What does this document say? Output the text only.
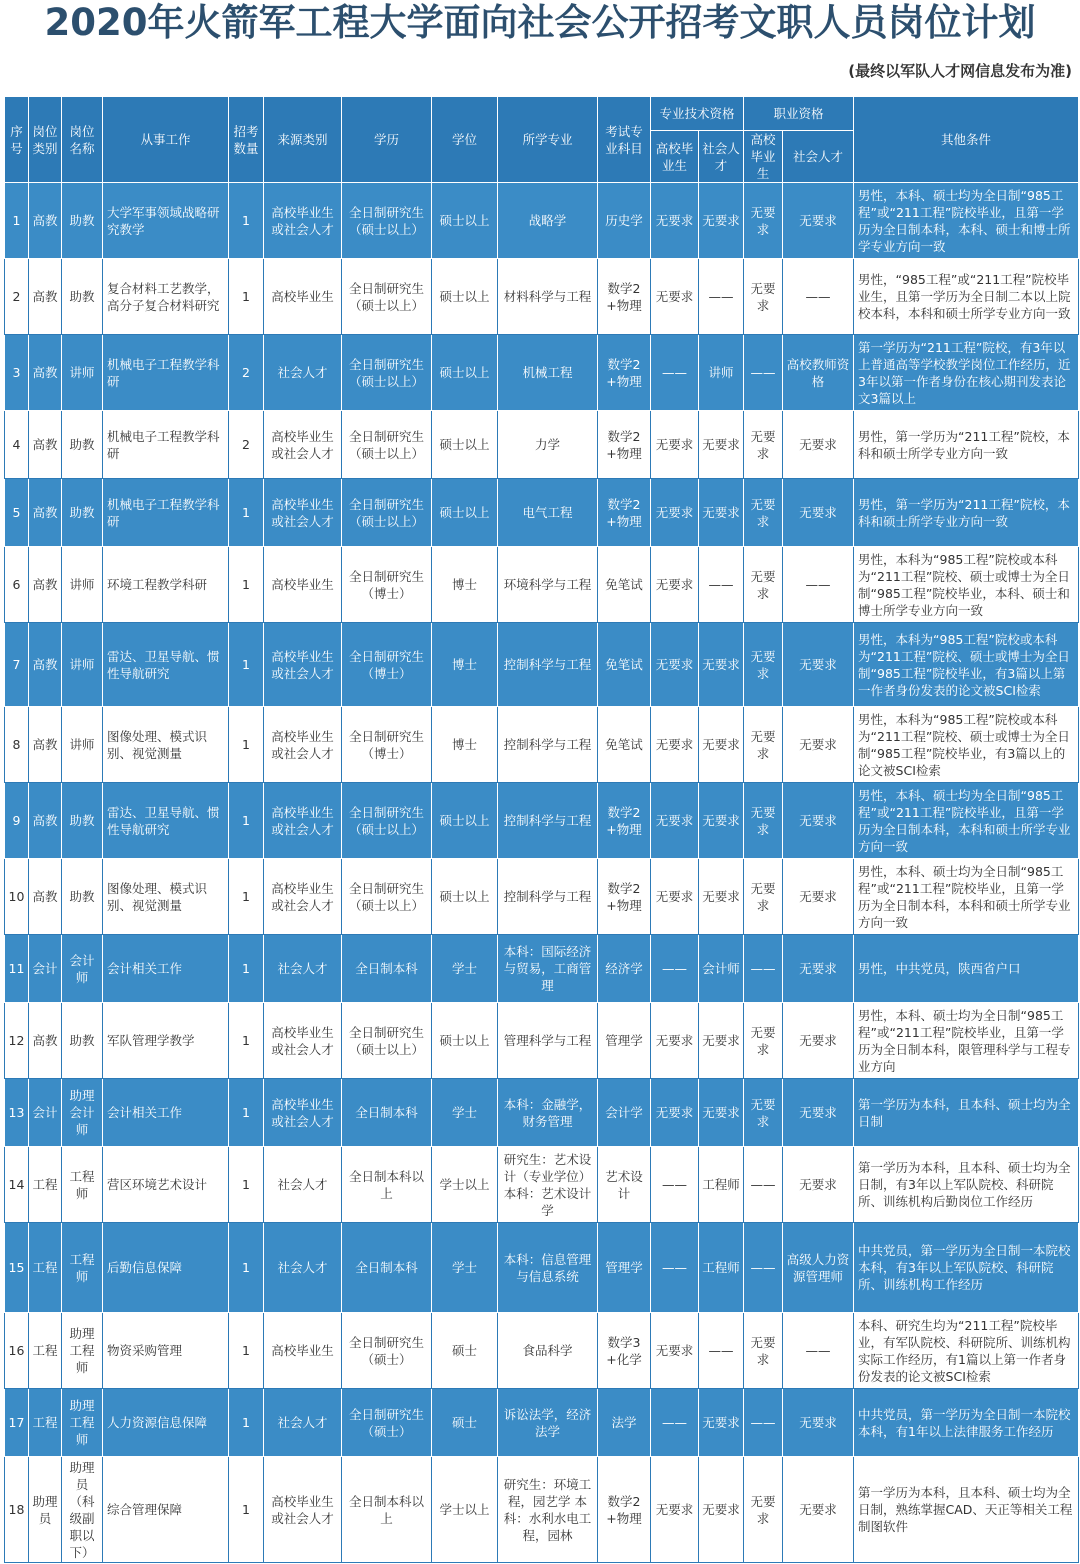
2020年火箭军工程大学面向社会公开招考文职人员岗位计划
(最终以军队人才网信息发布为准)
序号	岗位类别	岗位名称	从事工作	招考数量	来源类别	学历	学位	所学专业	考试专业科目	专业技术资格		职业资格		其他条件
										高校毕业生	社会人才	高校毕业生	社会人才	
1	高教	助教	大学军事领域战略研究教学	1	高校毕业生或社会人才	全日制研究生（硕士以上）	硕士以上	战略学	历史学	无要求	无要求	无要求	无要求	男性，本科、硕士均为全日制“985工程”或“211工程”院校毕业，且第一学历为全日制本科，本科、硕士和博士所学专业方向一致
2	高教	助教	复合材料工艺教学，高分子复合材料研究	1	高校毕业生	全日制研究生（硕士以上）	硕士以上	材料科学与工程	数学2+物理	无要求	——	无要求	——	男性，“985工程”或“211工程”院校毕业生，且第一学历为全日制二本以上院校本科，本科和硕士所学专业方向一致
3	高教	讲师	机械电子工程教学科研	2	社会人才	全日制研究生（硕士以上）	硕士以上	机械工程	数学2+物理	——	讲师	——	高校教师资格	第一学历为“211工程”院校，有3年以上普通高等学校教学岗位工作经历，近3年以第一作者身份在核心期刊发表论文3篇以上
4	高教	助教	机械电子工程教学科研	2	高校毕业生或社会人才	全日制研究生（硕士以上）	硕士以上	力学	数学2+物理	无要求	无要求	无要求	无要求	男性，第一学历为“211工程”院校，本科和硕士所学专业方向一致
5	高教	助教	机械电子工程教学科研	1	高校毕业生或社会人才	全日制研究生（硕士以上）	硕士以上	电气工程	数学2+物理	无要求	无要求	无要求	无要求	男性，第一学历为“211工程”院校，本科和硕士所学专业方向一致
6	高教	讲师	环境工程教学科研	1	高校毕业生	全日制研究生（博士）	博士	环境科学与工程	免笔试	无要求	——	无要求	——	男性，本科为“985工程”院校或本科为“211工程”院校、硕士或博士为全日制“985工程”院校毕业，本科、硕士和博士所学专业方向一致
7	高教	讲师	雷达、卫星导航、惯性导航研究	1	高校毕业生或社会人才	全日制研究生（博士）	博士	控制科学与工程	免笔试	无要求	无要求	无要求	无要求	男性，本科为“985工程”院校或本科为“211工程”院校、硕士或博士为全日制“985工程”院校毕业，有3篇以上第一作者身份发表的论文被SCI检索
8	高教	讲师	图像处理、模式识别、视觉测量	1	高校毕业生或社会人才	全日制研究生（博士）	博士	控制科学与工程	免笔试	无要求	无要求	无要求	无要求	男性，本科为“985工程”院校或本科为“211工程”院校、硕士或博士为全日制“985工程”院校毕业，有3篇以上的论文被SCI检索
9	高教	助教	雷达、卫星导航、惯性导航研究	1	高校毕业生或社会人才	全日制研究生（硕士以上）	硕士以上	控制科学与工程	数学2+物理	无要求	无要求	无要求	无要求	男性，本科、硕士均为全日制“985工程”或“211工程”院校毕业，且第一学历为全日制本科，本科和硕士所学专业方向一致
10	高教	助教	图像处理、模式识别、视觉测量	1	高校毕业生或社会人才	全日制研究生（硕士以上）	硕士以上	控制科学与工程	数学2+物理	无要求	无要求	无要求	无要求	男性，本科、硕士均为全日制“985工程”或“211工程”院校毕业，且第一学历为全日制本科，本科和硕士所学专业方向一致
11	会计	会计师	会计相关工作	1	社会人才	全日制本科	学士	本科：国际经济与贸易，工商管理	经济学	——	会计师	——	无要求	男性，中共党员，陕西省户口
12	高教	助教	军队管理学教学	1	高校毕业生或社会人才	全日制研究生（硕士以上）	硕士以上	管理科学与工程	管理学	无要求	无要求	无要求	无要求	男性，本科、硕士均为全日制“985工程”或“211工程”院校毕业，且第一学历为全日制本科，限管理科学与工程专业方向
13	会计	助理会计师	会计相关工作	1	高校毕业生或社会人才	全日制本科	学士	本科：金融学，财务管理	会计学	无要求	无要求	无要求	无要求	第一学历为本科，且本科、硕士均为全日制
14	工程	工程师	营区环境艺术设计	1	社会人才	全日制本科以上	学士以上	研究生：艺术设计（专业学位）本科：艺术设计学	艺术设计	——	工程师	——	无要求	第一学历为本科，且本科、硕士均为全日制，有3年以上军队院校、科研院所、训练机构后勤岗位工作经历
15	工程	工程师	后勤信息保障	1	社会人才	全日制本科	学士	本科：信息管理与信息系统	管理学	——	工程师	——	高级人力资源管理师	中共党员，第一学历为全日制一本院校本科，有3年以上军队院校、科研院所、训练机构工作经历
16	工程	助理工程师	物资采购管理	1	高校毕业生	全日制研究生（硕士）	硕士	食品科学	数学3+化学	无要求	——	无要求	——	本科、研究生均为“211工程”院校毕业，有军队院校、科研院所、训练机构实际工作经历，有1篇以上第一作者身份发表的论文被SCI检索
17	工程	助理工程师	人力资源信息保障	1	社会人才	全日制研究生（硕士）	硕士	诉讼法学，经济法学	法学	——	无要求	——	无要求	中共党员，第一学历为全日制一本院校本科，有1年以上法律服务工作经历
18	助理员	助理员（科级副职以下）	综合管理保障	1	高校毕业生或社会人才	全日制本科以上	学士以上	研究生：环境工程，园艺学 本科：水利水电工程，园林	数学2+物理	无要求	无要求	无要求	无要求	第一学历为本科，且本科、硕士均为全日制，熟练掌握CAD、天正等相关工程制图软件
